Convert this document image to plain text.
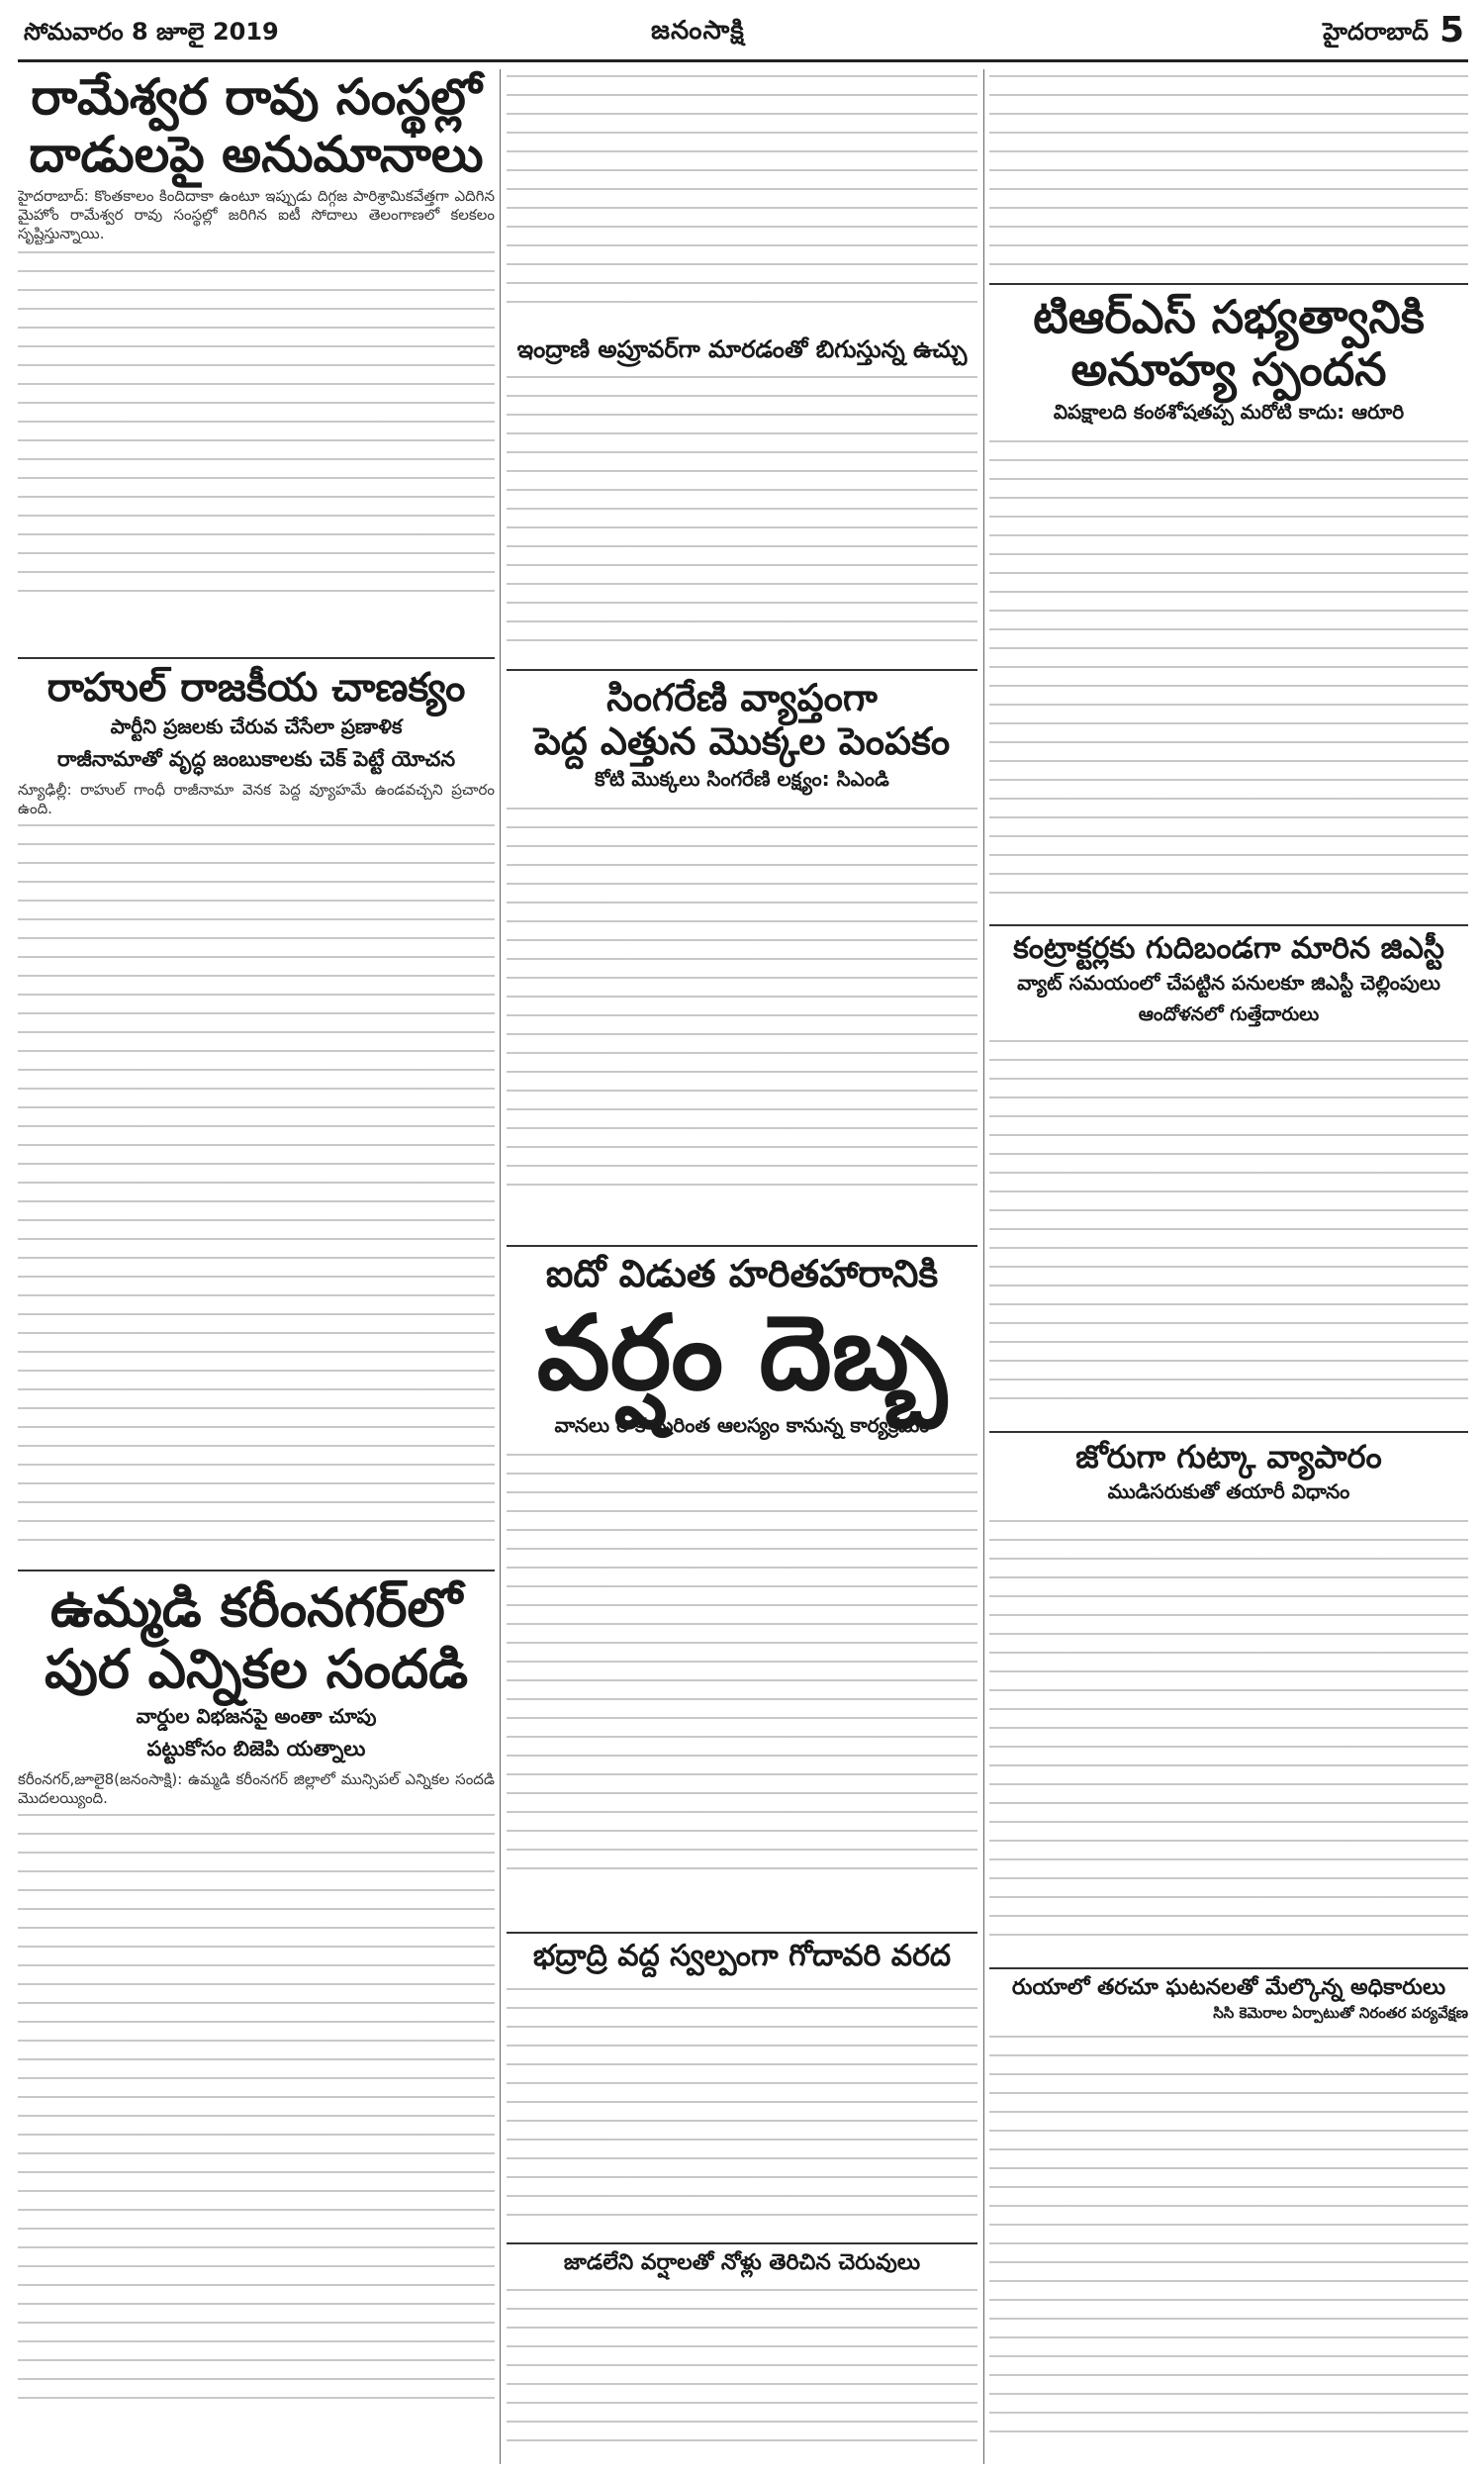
సోమవారం 8 జూలై 2019	జనంసాక్షి	హైదరాబాద్ 5
రామేశ్వర రావు సంస్థల్లో
దాడులపై అనుమానాలు

హైదరాబాద్‌: కొంతకాలం కిందిదాకా ఉంటూ ఇప్పుడు దిగ్గజ పారిశ్రామికవేత్తగా ఎదిగిన మైహోం రామేశ్వర రావు సంస్థల్లో జరిగిన ఐటీ సోదాలు తెలంగాణలో కలకలం సృష్టిస్తున్నాయి.

రాహుల్‌ రాజకీయ చాణక్యం
పార్టీని ప్రజలకు చేరువ చేసేలా ప్రణాళిక
రాజీనామాతో వృద్ధ జంబుకాలకు చెక్‌ పెట్టే యోచన

న్యూఢిల్లీ: రాహుల్‌ గాంధీ రాజీనామా వెనక పెద్ద వ్యూహమే ఉండవచ్చని ప్రచారం ఉంది.

ఉమ్మడి కరీంనగర్‌లో
పుర ఎన్నికల సందడి
వార్డుల విభజనపై అంతా చూపు
పట్టుకోసం బిజెపి యత్నాలు

కరీంనగర్‌,జూలై8(జనంసాక్షి): ఉమ్మడి కరీంనగర్‌ జిల్లాలో మున్సిపల్‌ ఎన్నికల సందడి మొదలయ్యింది.

ఇంద్రాణి అప్రూవర్‌గా మారడంతో బిగుస్తున్న ఉచ్చు
సింగరేణి వ్యాప్తంగా
పెద్ద ఎత్తున మొక్కల పెంపకం
కోటి మొక్కలు సింగరేణి లక్ష్యం: సిఎండి
ఐదో విడుత హరితహారానికి
వర్షం దెబ్బ
వానలు రాక మరింత ఆలస్యం కానున్న కార్యక్రమం
భద్రాద్రి వద్ద స్వల్పంగా గోదావరి వరద
జాడలేని వర్షాలతో నోళ్లు తెరిచిన చెరువులు
టిఆర్‌ఎస్‌ సభ్యత్వానికి
అనూహ్య స్పందన
విపక్షాలది కంఠశోషతప్ప మరోటి కాదు: ఆరూరి
కంట్రాక్టర్లకు గుదిబండగా మారిన జిఎస్టీ
వ్యాట్‌ సమయంలో చేపట్టిన పనులకూ జిఎస్టీ చెల్లింపులు
ఆందోళనలో గుత్తేదారులు
జోరుగా గుట్కా వ్యాపారం
ముడిసరుకుతో తయారీ విధానం
రుయాలో తరచూ ఘటనలతో మేల్కొన్న అధికారులు
సిసి కెమెరాల ఏర్పాటుతో నిరంతర పర్యవేక్షణ
